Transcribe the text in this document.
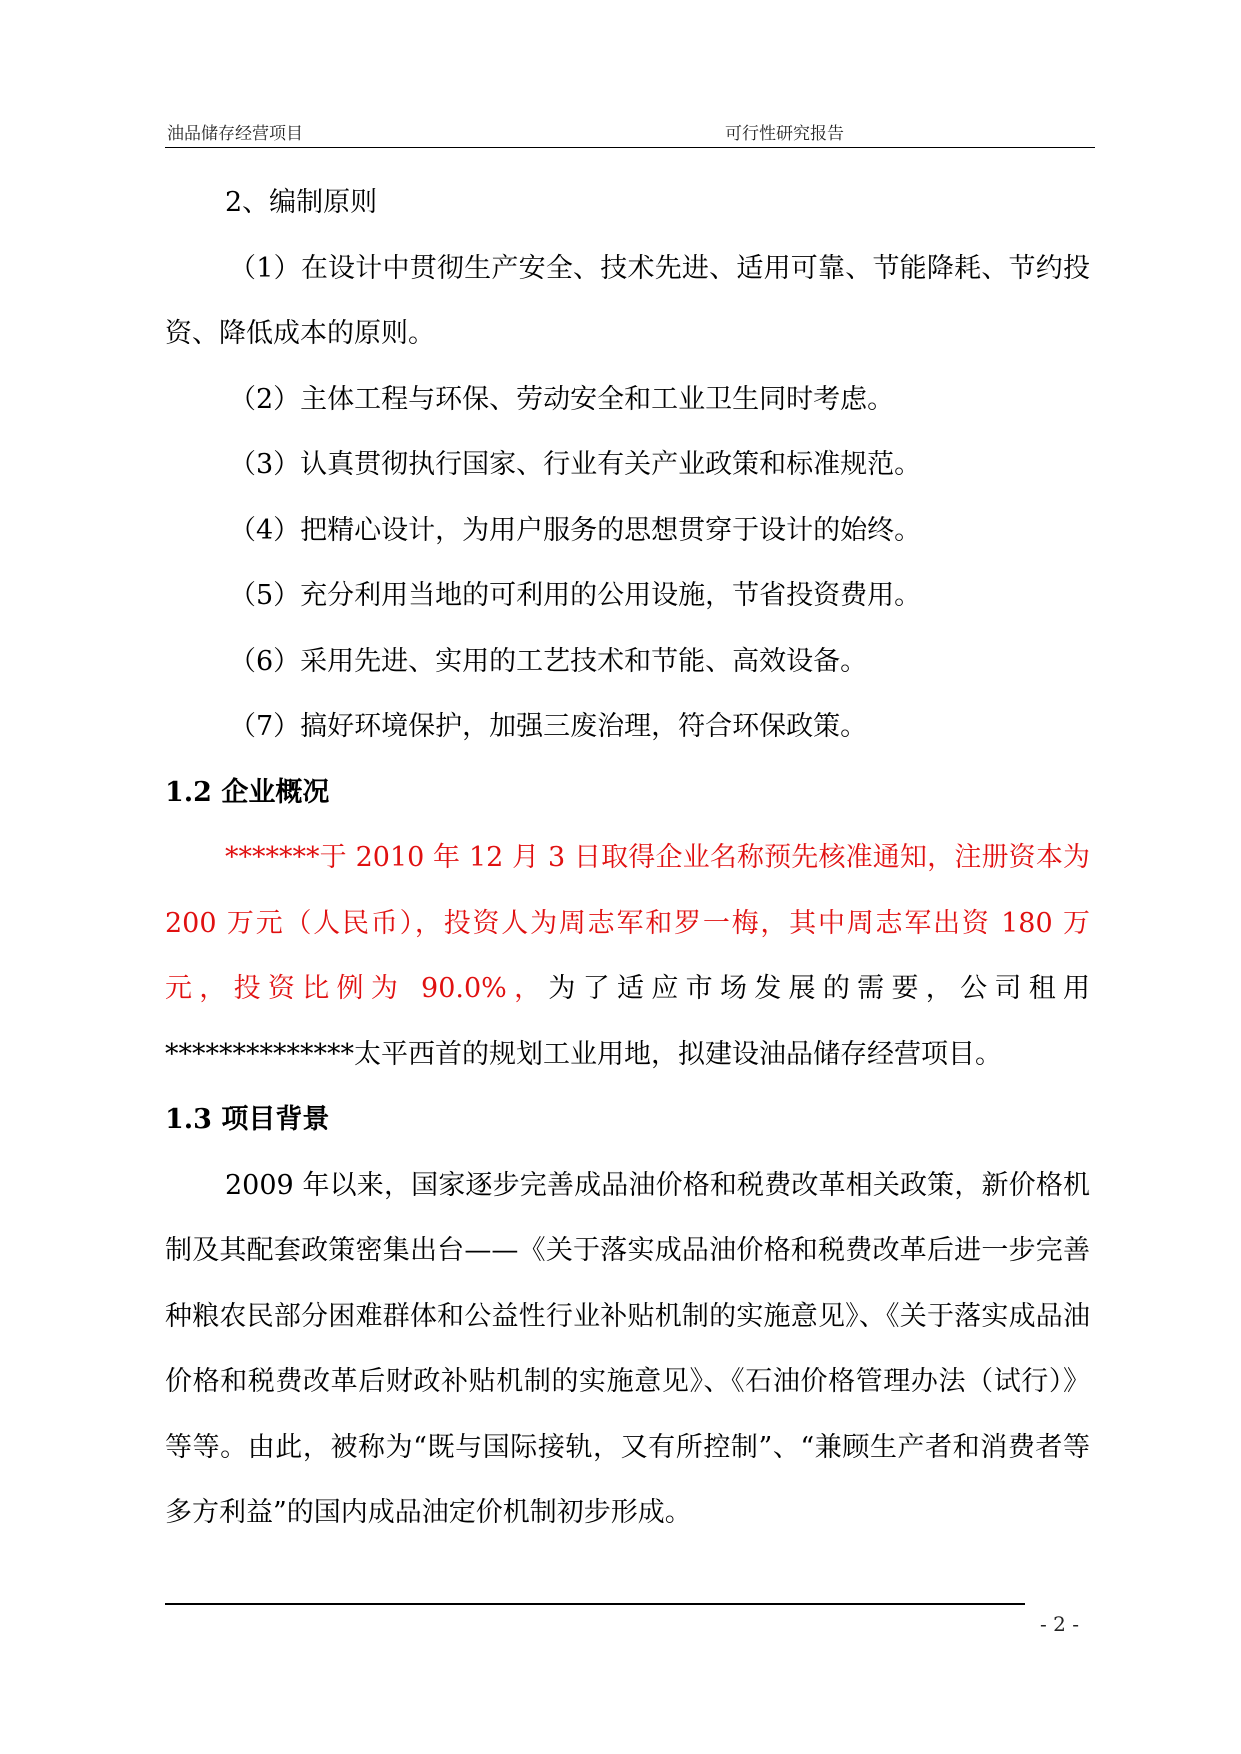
油品储存经营项目	可行性研究报告

2、编制原则

（1）在设计中贯彻生产安全、技术先进、适用可靠、节能降耗、节约投资、降低成本的原则。

（2）主体工程与环保、劳动安全和工业卫生同时考虑。

（3）认真贯彻执行国家、行业有关产业政策和标准规范。

（4）把精心设计，为用户服务的思想贯穿于设计的始终。

（5）充分利用当地的可利用的公用设施，节省投资费用。

（6）采用先进、实用的工艺技术和节能、高效设备。

（7）搞好环境保护，加强三废治理，符合环保政策。

1.2 企业概况

*******于 2010 年 12 月 3 日取得企业名称预先核准通知，注册资本为 200 万元（人民币），投资人为周志军和罗一梅，其中周志军出资 180 万元，投资比例为 90.0%，为了适应市场发展的需要，公司租用**************太平西首的规划工业用地，拟建设油品储存经营项目。

1.3 项目背景

2009 年以来，国家逐步完善成品油价格和税费改革相关政策，新价格机制及其配套政策密集出台——《关于落实成品油价格和税费改革后进一步完善种粮农民部分困难群体和公益性行业补贴机制的实施意见》、《关于落实成品油价格和税费改革后财政补贴机制的实施意见》、《石油价格管理办法（试行）》等等。由此，被称为“既与国际接轨，又有所控制”、“兼顾生产者和消费者等多方利益”的国内成品油定价机制初步形成。

- 2 -
